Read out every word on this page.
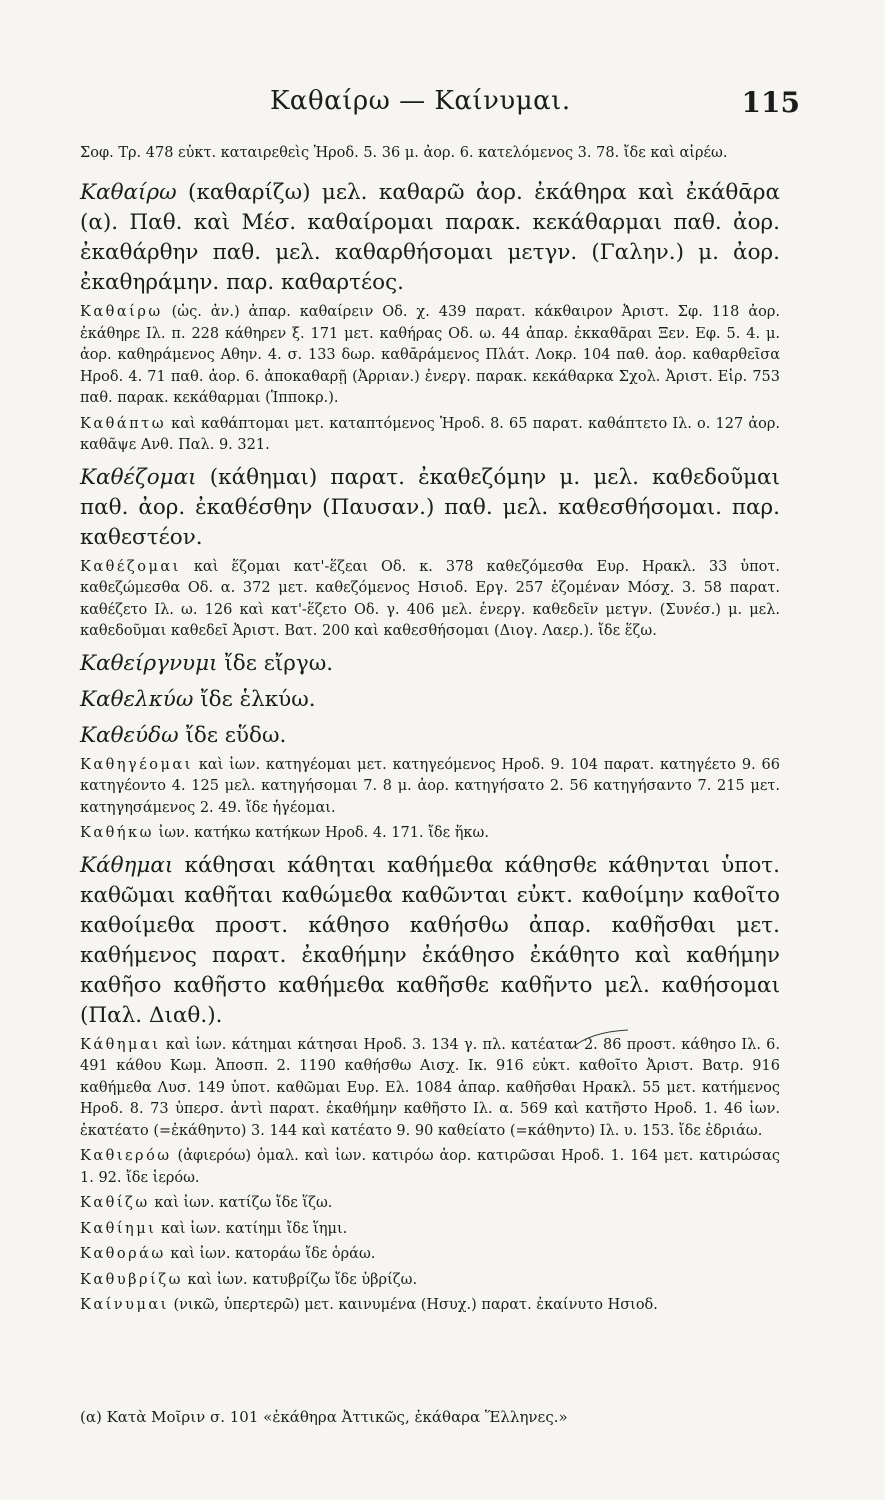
Καθαίρω — Καίνυμαι.	115

Σοφ. Τρ. 478 εὐκτ. καταιρεθεὶς Ἡροδ. 5. 36 μ. ἀορ. 6. κατελόμενος 3. 78. ἴδε καὶ αἱρέω.

Καθαίρω (καθαρίζω) μελ. καθαρῶ ἀορ. ἐκάθηρα καὶ ἐκάθᾱρα (α). Παθ. καὶ Μέσ. καθαίρομαι παρακ. κεκάθαρμαι παθ. ἀορ. ἐκαθάρθην παθ. μελ. καθαρθήσομαι μετγν. (Γαλην.) μ. ἀορ. ἐκαθηράμην. παρ. καθαρτέος.

Καθαίρω (ὡς. ἀν.) ἀπαρ. καθαίρειν Οδ. χ. 439 παρατ. κάκθαιρον Ἀριστ. Σφ. 118 ἀορ. ἐκάθηρε Ιλ. π. 228 κάθηρεν ξ. 171 μετ. καθήρας Οδ. ω. 44 ἀπαρ. ἐκκαθᾶραι Ξεν. Εφ. 5. 4. μ. ἀορ. καθηράμενος Αθην. 4. σ. 133 δωρ. καθᾱράμενος Πλάτ. Λοκρ. 104 παθ. ἀορ. καθαρθεῖσα Ηροδ. 4. 71 παθ. ἀορ. 6. ἀποκαθαρῇ (Ἀρριαν.) ἐνεργ. παρακ. κεκάθαρκα Σχολ. Ἀριστ. Εἰρ. 753 παθ. παρακ. κεκάθαρμαι (Ἱπποκρ.).

Καθάπτω καὶ καθάπτομαι μετ. καταπτόμενος Ἡροδ. 8. 65 παρατ. καθάπτετο Ιλ. ο. 127 ἀορ. καθᾶψε Ανθ. Παλ. 9. 321.

Καθέζομαι (κάθημαι) παρατ. ἐκαθεζόμην μ. μελ. καθεδοῦμαι παθ. ἀορ. ἐκαθέσθην (Παυσαν.) παθ. μελ. καθεσθήσομαι. παρ. καθεστέον.

Καθέζομαι καὶ ἕζομαι κατ'-ἕζεαι Οδ. κ. 378 καθεζόμεσθα Ευρ. Ηρακλ. 33 ὑποτ. καθεζώμεσθα Οδ. α. 372 μετ. καθεζόμενος Ησιοδ. Εργ. 257 ἑζομέναν Μόσχ. 3. 58 παρατ. καθέζετο Ιλ. ω. 126 καὶ κατ'-ἕζετο Οδ. γ. 406 μελ. ἐνεργ. καθεδεῖν μετγν. (Συνέσ.) μ. μελ. καθεδοῦμαι καθεδεῖ Ἀριστ. Βατ. 200 καὶ καθεσθήσομαι (Διογ. Λαερ.). ἴδε ἕζω.

Καθείργνυμι ἴδε εἴργω.

Καθελκύω ἴδε ἑλκύω.

Καθεύδω ἴδε εὕδω.

Καθηγέομαι καὶ ἰων. κατηγέομαι μετ. κατηγεόμενος Ηροδ. 9. 104 παρατ. κατηγέετο 9. 66 κατηγέοντο 4. 125 μελ. κατηγήσομαι 7. 8 μ. ἀορ. κατηγήσατο 2. 56 κατηγήσαντο 7. 215 μετ. κατηγησάμενος 2. 49. ἴδε ἡγέομαι.

Καθήκω ἰων. κατήκω κατήκων Ηροδ. 4. 171. ἴδε ἥκω.

Κάθημαι κάθησαι κάθηται καθήμεθα κάθησθε κάθηνται ὑποτ. καθῶμαι καθῆται καθώμεθα καθῶνται εὐκτ. καθοίμην καθοῖτο καθοίμεθα προστ. κάθησο καθήσθω ἀπαρ. καθῆσθαι μετ. καθήμενος παρατ. ἐκαθήμην ἐκάθησο ἐκάθητο καὶ καθήμην καθῆσο καθῆστο καθήμεθα καθῆσθε καθῆντο μελ. καθήσομαι (Παλ. Διαθ.).

Κάθημαι καὶ ἰων. κάτημαι κάτησαι Ηροδ. 3. 134 γ. πλ. κατέαται 2. 86 προστ. κάθησο Ιλ. 6. 491 κάθου Κωμ. Ἀποσπ. 2. 1190 καθήσθω Αισχ. Ικ. 916 εὐκτ. καθοῖτο Ἀριστ. Βατρ. 916 καθήμεθα Λυσ. 149 ὑποτ. καθῶμαι Ευρ. Ελ. 1084 ἀπαρ. καθῆσθαι Ηρακλ. 55 μετ. κατήμενος Ηροδ. 8. 73 ὑπερσ. ἀντὶ παρατ. ἐκαθήμην καθῆστο Ιλ. α. 569 καὶ κατῆστο Ηροδ. 1. 46 ἰων. ἐκατέατο (=ἐκάθηντο) 3. 144 καὶ κατέατο 9. 90 καθείατο (=κάθηντο) Ιλ. υ. 153. ἴδε ἑδριάω.

Καθιερόω (ἀφιερόω) ὁμαλ. καὶ ἰων. κατιρόω ἀορ. κατιρῶσαι Ηροδ. 1. 164 μετ. κατιρώσας 1. 92. ἴδε ἱερόω.

Καθίζω καὶ ἰων. κατίζω ἴδε ἵζω.

Καθίημι καὶ ἰων. κατίημι ἴδε ἵημι.

Καθοράω καὶ ἰων. κατοράω ἴδε ὁράω.

Καθυβρίζω καὶ ἰων. κατυβρίζω ἴδε ὑβρίζω.

Καίνυμαι (νικῶ, ὑπερτερῶ) μετ. καινυμένα (Ησυχ.) παρατ. ἐκαίνυτο Ησιοδ.

(α) Κατὰ Μοῖριν σ. 101 «ἐκάθηρα Ἀττικῶς, ἐκάθαρα Ἕλληνες.»
